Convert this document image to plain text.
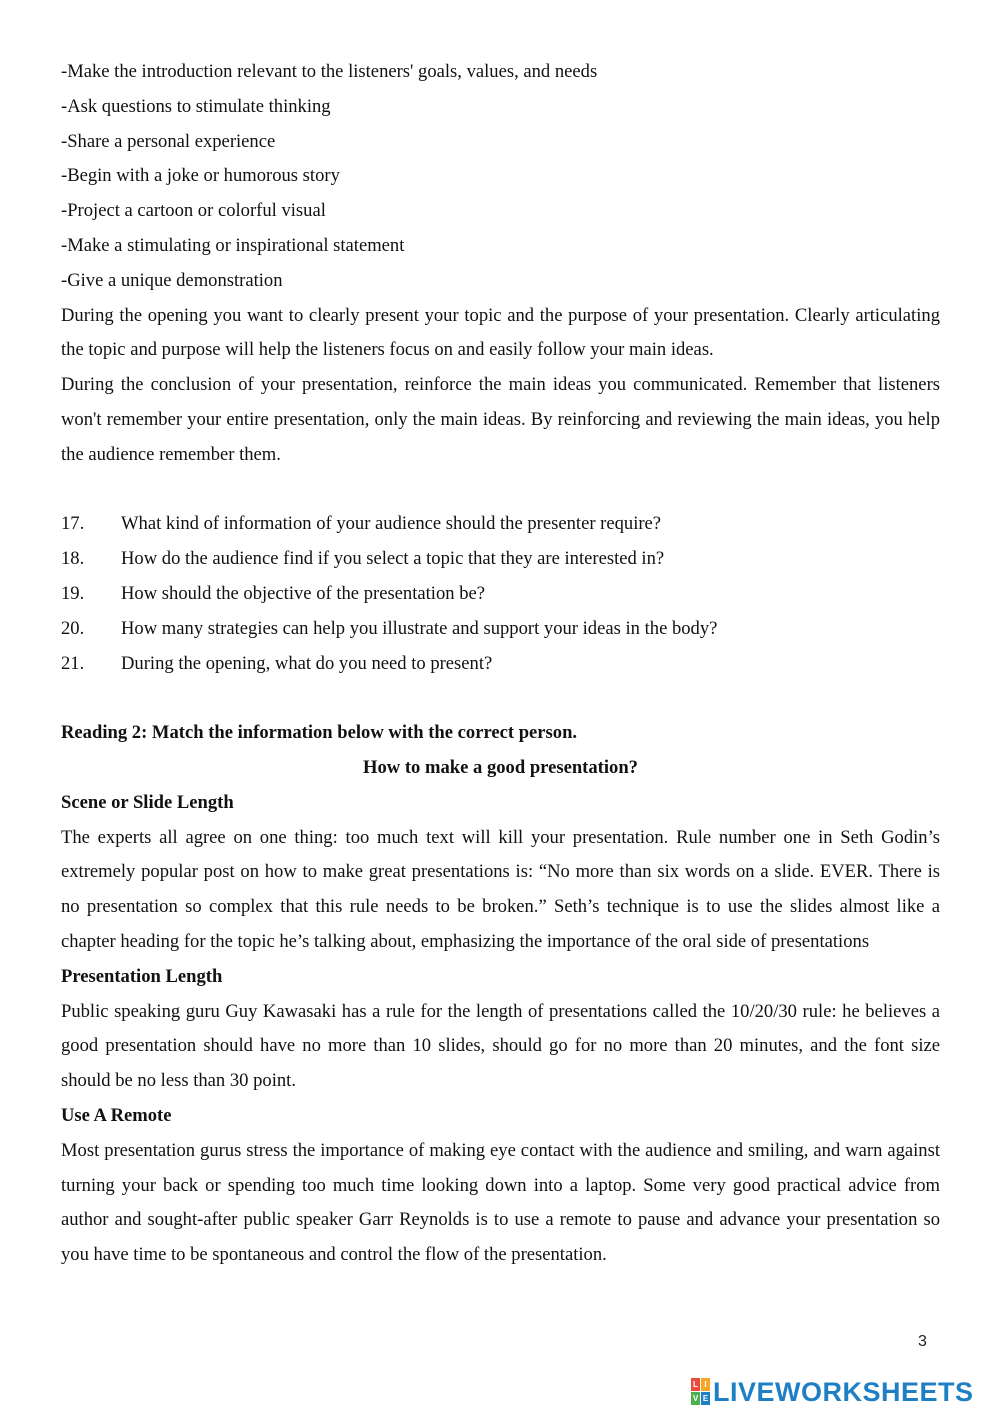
-Make the introduction relevant to the listeners' goals, values, and needs
-Ask questions to stimulate thinking
-Share a personal experience
-Begin with a joke or humorous story
-Project a cartoon or colorful visual
-Make a stimulating or inspirational statement
-Give a unique demonstration
During the opening you want to clearly present your topic and the purpose of your presentation. Clearly articulating the topic and purpose will help the listeners focus on and easily follow your main ideas.
During the conclusion of your presentation, reinforce the main ideas you communicated. Remember that listeners won't remember your entire presentation, only the main ideas. By reinforcing and reviewing the main ideas, you help the audience remember them.
17.	What kind of information of your audience should the presenter require?
18.	How do the audience find if you select a topic that they are interested in?
19.	How should the objective of the presentation be?
20.	How many strategies can help you illustrate and support your ideas in the body?
21.	During the opening, what do you need to present?
Reading 2: Match the information below with the correct person.
How to make a good presentation?
Scene or Slide Length
The experts all agree on one thing: too much text will kill your presentation. Rule number one in Seth Godin’s extremely popular post on how to make great presentations is: “No more than six words on a slide. EVER. There is no presentation so complex that this rule needs to be broken.” Seth’s technique is to use the slides almost like a chapter heading for the topic he’s talking about, emphasizing the importance of the oral side of presentations
Presentation Length
Public speaking guru Guy Kawasaki has a rule for the length of presentations called the 10/20/30 rule: he believes a good presentation should have no more than 10 slides, should go for no more than 20 minutes, and the font size should be no less than 30 point.
Use A Remote
Most presentation gurus stress the importance of making eye contact with the audience and smiling, and warn against turning your back or spending too much time looking down into a laptop. Some very good practical advice from author and sought-after public speaker Garr Reynolds is to use a remote to pause and advance your presentation so you have time to be spontaneous and control the flow of the presentation.
3
L I
V E LIVEWORKSHEETS
